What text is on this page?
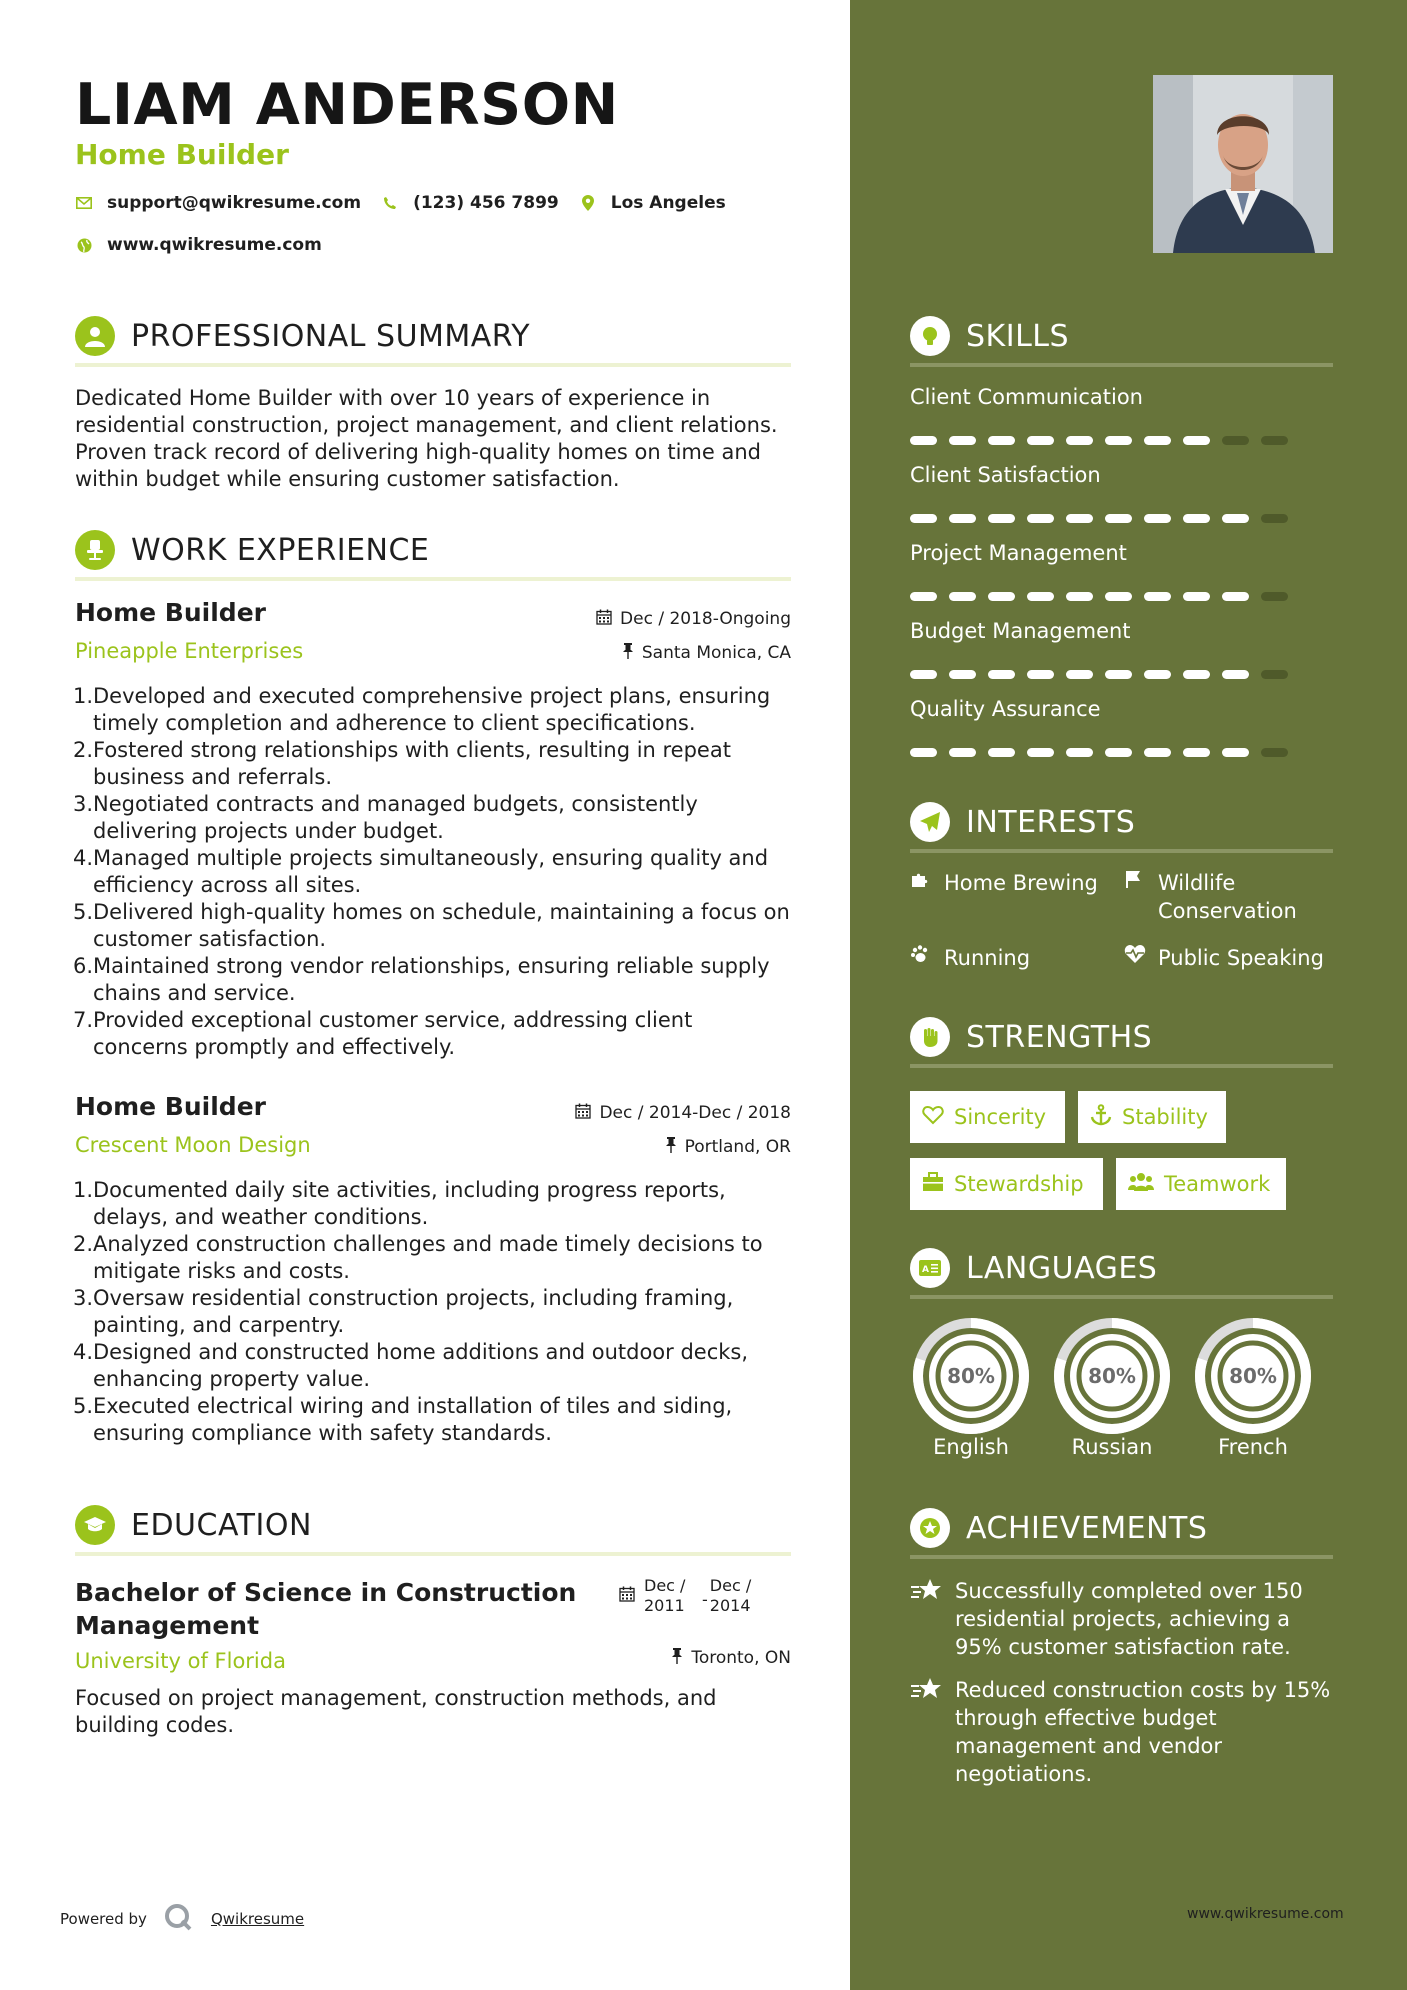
LIAM ANDERSON
Home Builder
support@qwikresume.com	(123) 456 7899	Los Angeles
www.qwikresume.com
PROFESSIONAL SUMMARY
Dedicated Home Builder with over 10 years of experience in
residential construction, project management, and client relations.
Proven track record of delivering high-quality homes on time and
within budget while ensuring customer satisfaction.
WORK EXPERIENCE
Home Builder
Pineapple Enterprises
Dec / 2018-Ongoing
Santa Monica, CA
1. Developed and executed comprehensive project plans, ensuring
timely completion and adherence to client specifications.
2. Fostered strong relationships with clients, resulting in repeat
business and referrals.
3. Negotiated contracts and managed budgets, consistently
delivering projects under budget.
4. Managed multiple projects simultaneously, ensuring quality and
efficiency across all sites.
5. Delivered high-quality homes on schedule, maintaining a focus on
customer satisfaction.
6. Maintained strong vendor relationships, ensuring reliable supply
chains and service.
7. Provided exceptional customer service, addressing client
concerns promptly and effectively.
Home Builder
Crescent Moon Design
Dec / 2014-Dec / 2018
Portland, OR
1. Documented daily site activities, including progress reports,
delays, and weather conditions.
2. Analyzed construction challenges and made timely decisions to
mitigate risks and costs.
3. Oversaw residential construction projects, including framing,
painting, and carpentry.
4. Designed and constructed home additions and outdoor decks,
enhancing property value.
5. Executed electrical wiring and installation of tiles and siding,
ensuring compliance with safety standards.
EDUCATION
Bachelor of Science in Construction
Management
University of Florida
Dec /
2011	-
Dec /
2014
Toronto, ON
Focused on project management, construction methods, and
building codes.
Powered by	Qwikresume
SKILLS
Client Communication
Client Satisfaction
Project Management
Budget Management
Quality Assurance
INTERESTS
Home Brewing	Wildlife
Conservation
Running	Public Speaking
STRENGTHS
Sincerity	Stability
Stewardship	Teamwork
A LANGUAGES
80%
English
80%
Russian
80%
French
ACHIEVEMENTS
Successfully completed over 150
residential projects, achieving a
95% customer satisfaction rate.
Reduced construction costs by 15%
through effective budget
management and vendor
negotiations.
www.qwikresume.com
